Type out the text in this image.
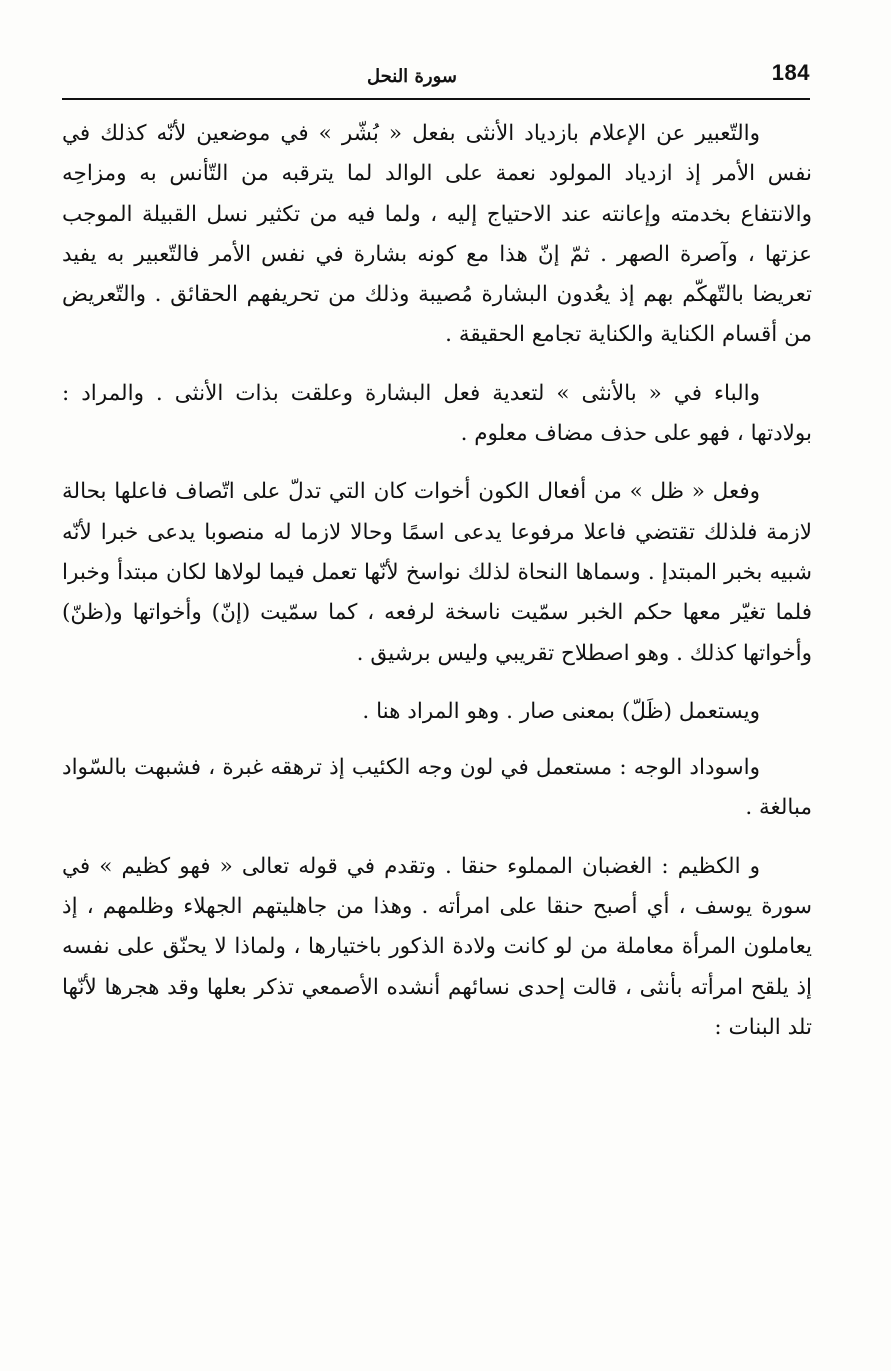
سورة النحل	184

والتّعبير عن الإعلام بازدياد الأنثى بفعل « بُشّر » في موضعين لأنّه كذلك في نفس الأمر إذ ازدياد المولود نعمة على الوالد لما يترقبه من التّأنس به ومزاحِه والانتفاع بخدمته وإعانته عند الاحتياج إليه ، ولما فيه من تكثير نسل القبيلة الموجب عزتها ، وآصرة الصهر . ثمّ إنّ هذا مع كونه بشارة في نفس الأمر فالتّعبير به يفيد تعريضا بالتّهكّم بهم إذ يعُدون البشارة مُصيبة وذلك من تحريفهم الحقائق . والتّعريض من أقسام الكناية والكناية تجامع الحقيقة .

والباء في « بالأنثى » لتعدية فعل البشارة وعلقت بذات الأنثى . والمراد : بولادتها ، فهو على حذف مضاف معلوم .

وفعل « ظل » من أفعال الكون أخوات كان التي تدلّ على اتّصاف فاعلها بحالة لازمة فلذلك تقتضي فاعلا مرفوعا يدعى اسمًا وحالا لازما له منصوبا يدعى خبرا لأنّه شبيه بخبر المبتدإ . وسماها النحاة لذلك نواسخ لأنّها تعمل فيما لولاها لكان مبتدأ وخبرا فلما تغيّر معها حكم الخبر سمّيت ناسخة لرفعه ، كما سمّيت (إنّ) وأخواتها و(ظنّ) وأخواتها كذلك . وهو اصطلاح تقريبي وليس برشيق .

ويستعمل (ظَلّ) بمعنى صار . وهو المراد هنا .

واسوداد الوجه : مستعمل في لون وجه الكئيب إذ ترهقه غبرة ، فشبهت بالسّواد مبالغة .

و الكظيم : الغضبان المملوء حنقا . وتقدم في قوله تعالى « فهو كظيم » في سورة يوسف ، أي أصبح حنقا على امرأته . وهذا من جاهليتهم الجهلاء وظلمهم ، إذ يعاملون المرأة معاملة من لو كانت ولادة الذكور باختيارها ، ولماذا لا يحنّق على نفسه إذ يلقح امرأته بأنثى ، قالت إحدى نسائهم أنشده الأصمعي تذكر بعلها وقد هجرها لأنّها تلد البنات :
